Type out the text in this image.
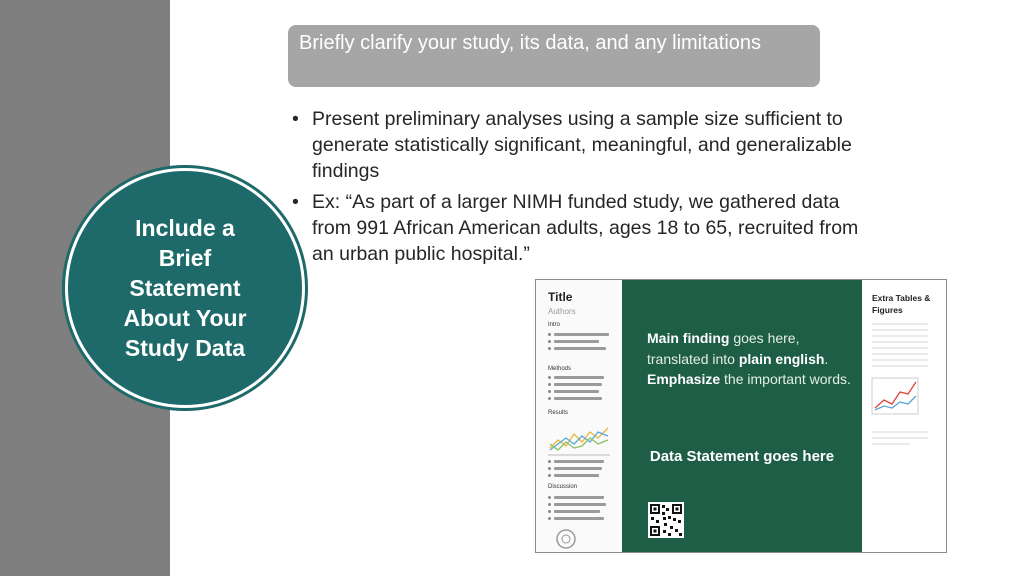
Briefly clarify your study, its data, and any limitations
• Present preliminary analyses using a sample size sufficient to generate statistically significant, meaningful, and generalizable findings
• Ex: “As part of a larger NIMH funded study, we gathered data from 991 African American adults, ages 18 to 65, recruited from an urban public hospital.”
Include a Brief Statement About Your Study Data
Title
Authors
Intro
Methods
Results
Discussion
Main finding goes here, translated into plain english. Emphasize the important words.
Data Statement goes here
Extra Tables & Figures
